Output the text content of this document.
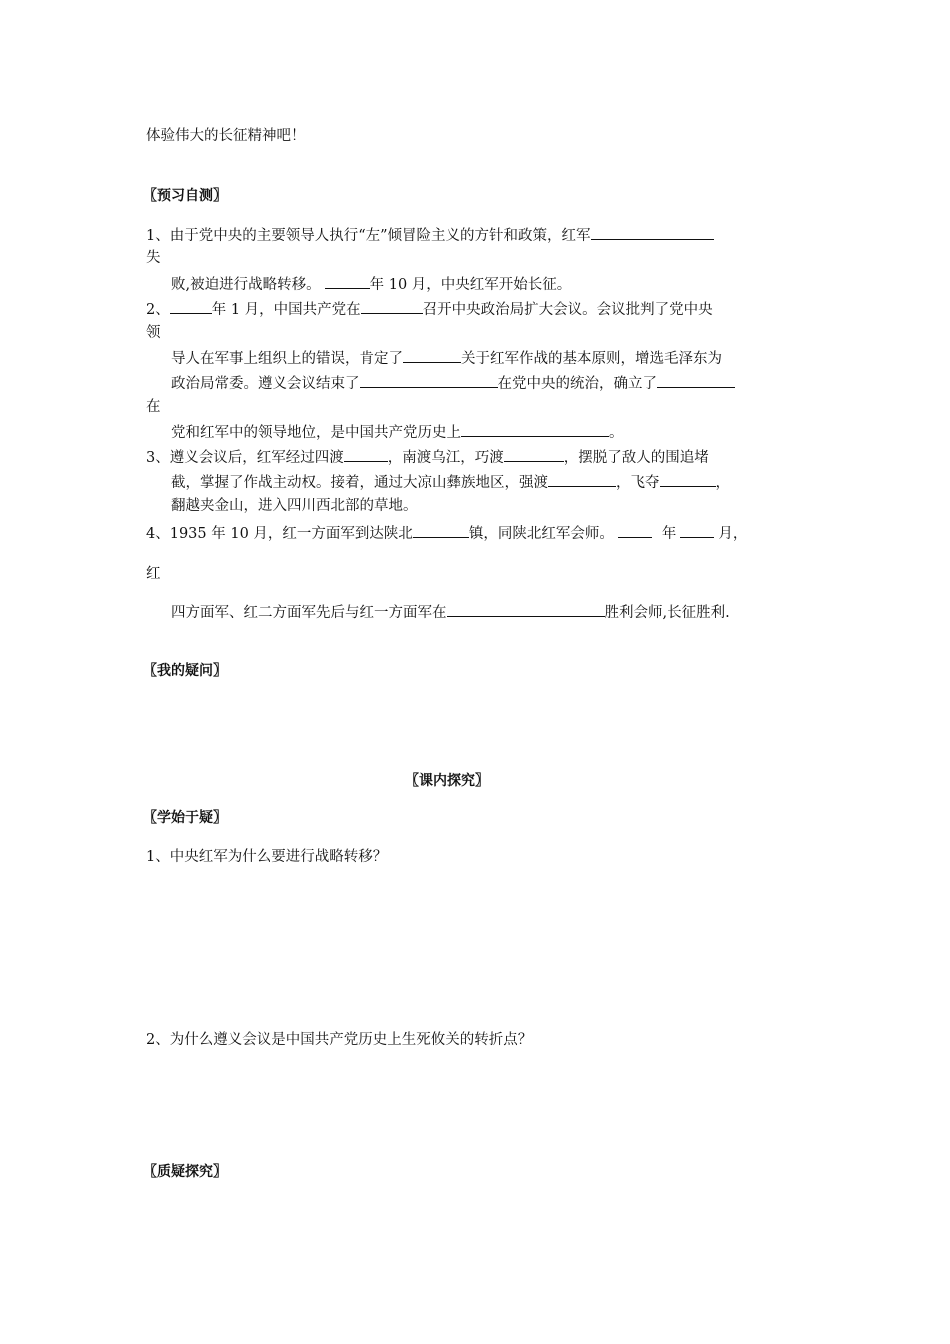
体验伟大的长征精神吧！
〖预习自测〗
1、由于党中央的主要领导人执行“左”倾冒险主义的方针和政策，红军
失
败,被迫进行战略转移。	年 10 月，中央红军开始长征。
2、	年 1 月，中国共产党在	召开中央政治局扩大会议。会议批判了党中央
领
导人在军事上组织上的错误，肯定了	关于红军作战的基本原则，增选毛泽东为
政治局常委。遵义会议结束了	在党中央的统治，确立了
在
党和红军中的领导地位，是中国共产党历史上	。
3、遵义会议后，红军经过四渡	，南渡乌江，巧渡	，摆脱了敌人的围追堵
截，掌握了作战主动权。接着，通过大凉山彝族地区，强渡	，飞夺	，
翻越夹金山，进入四川西北部的草地。
4、1935 年 10 月，红一方面军到达陕北	镇，同陕北红军会师。	年	月，
红
四方面军、红二方面军先后与红一方面军在	胜利会师,长征胜利.
〖我的疑问〗
〖课内探究〗
〖学始于疑〗
1、中央红军为什么要进行战略转移？
2、为什么遵义会议是中国共产党历史上生死攸关的转折点？
〖质疑探究〗
